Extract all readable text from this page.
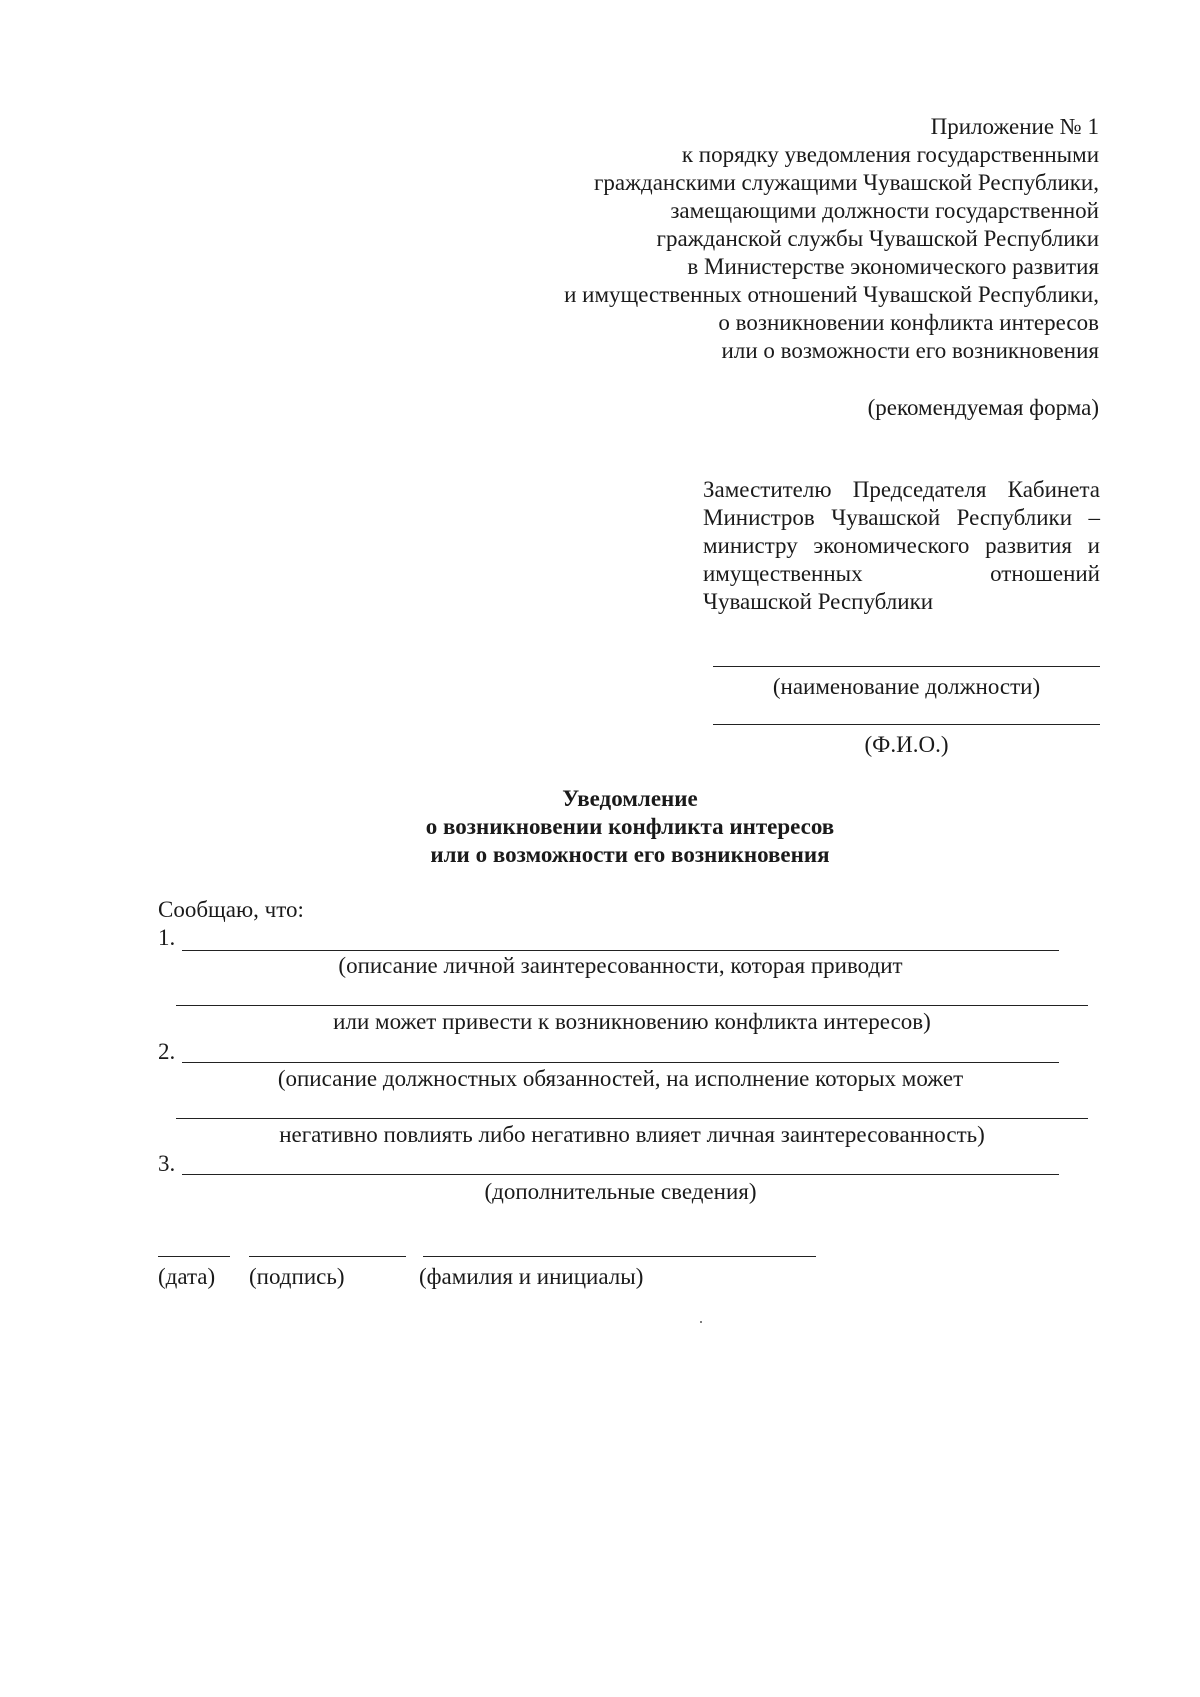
Приложение № 1
к порядку уведомления государственными
гражданскими служащими Чувашской Республики,
замещающими должности государственной
гражданской службы Чувашской Республики
в Министерстве экономического развития
и имущественных отношений Чувашской Республики,
о возникновении конфликта интересов
или о возможности его возникновения
(рекомендуемая форма)
Заместителю Председателя Кабинета
Министров Чувашской Республики –
министру экономического развития и
имущественных отношений
Чувашской Республики
(наименование должности)
(Ф.И.О.)
Уведомление
о возникновении конфликта интересов
или о возможности его возникновения
Сообщаю, что:
1.
(описание личной заинтересованности, которая приводит
или может привести к возникновению конфликта интересов)
2.
(описание должностных обязанностей, на исполнение которых может
негативно повлиять либо негативно влияет личная заинтересованность)
3.
(дополнительные сведения)
(дата) (подпись)	(фамилия и инициалы)
